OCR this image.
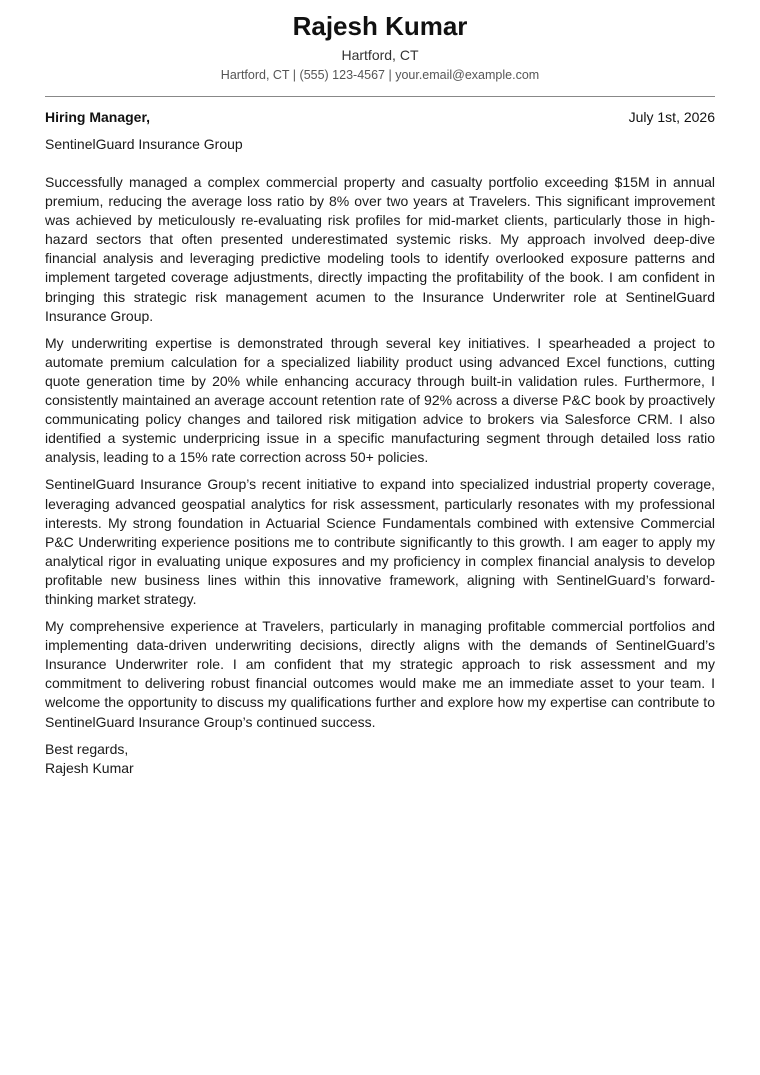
Rajesh Kumar
Hartford, CT
Hartford, CT | (555) 123-4567 | your.email@example.com
Hiring Manager,	July 1st, 2026
SentinelGuard Insurance Group

Successfully managed a complex commercial property and casualty portfolio exceeding $15M in annual premium, reducing the average loss ratio by 8% over two years at Travelers. This significant improvement was achieved by meticulously re-evaluating risk profiles for mid-market clients, particularly those in high-hazard sectors that often presented underestimated systemic risks. My approach involved deep-dive financial analysis and leveraging predictive modeling tools to identify overlooked exposure patterns and implement targeted coverage adjustments, directly impacting the profitability of the book. I am confident in bringing this strategic risk management acumen to the Insurance Underwriter role at SentinelGuard Insurance Group.

My underwriting expertise is demonstrated through several key initiatives. I spearheaded a project to automate premium calculation for a specialized liability product using advanced Excel functions, cutting quote generation time by 20% while enhancing accuracy through built-in validation rules. Furthermore, I consistently maintained an average account retention rate of 92% across a diverse P&C book by proactively communicating policy changes and tailored risk mitigation advice to brokers via Salesforce CRM. I also identified a systemic underpricing issue in a specific manufacturing segment through detailed loss ratio analysis, leading to a 15% rate correction across 50+ policies.

SentinelGuard Insurance Group’s recent initiative to expand into specialized industrial property coverage, leveraging advanced geospatial analytics for risk assessment, particularly resonates with my professional interests. My strong foundation in Actuarial Science Fundamentals combined with extensive Commercial P&C Underwriting experience positions me to contribute significantly to this growth. I am eager to apply my analytical rigor in evaluating unique exposures and my proficiency in complex financial analysis to develop profitable new business lines within this innovative framework, aligning with SentinelGuard’s forward-thinking market strategy.

My comprehensive experience at Travelers, particularly in managing profitable commercial portfolios and implementing data-driven underwriting decisions, directly aligns with the demands of SentinelGuard’s Insurance Underwriter role. I am confident that my strategic approach to risk assessment and my commitment to delivering robust financial outcomes would make me an immediate asset to your team. I welcome the opportunity to discuss my qualifications further and explore how my expertise can contribute to SentinelGuard Insurance Group’s continued success.

Best regards,
Rajesh Kumar
